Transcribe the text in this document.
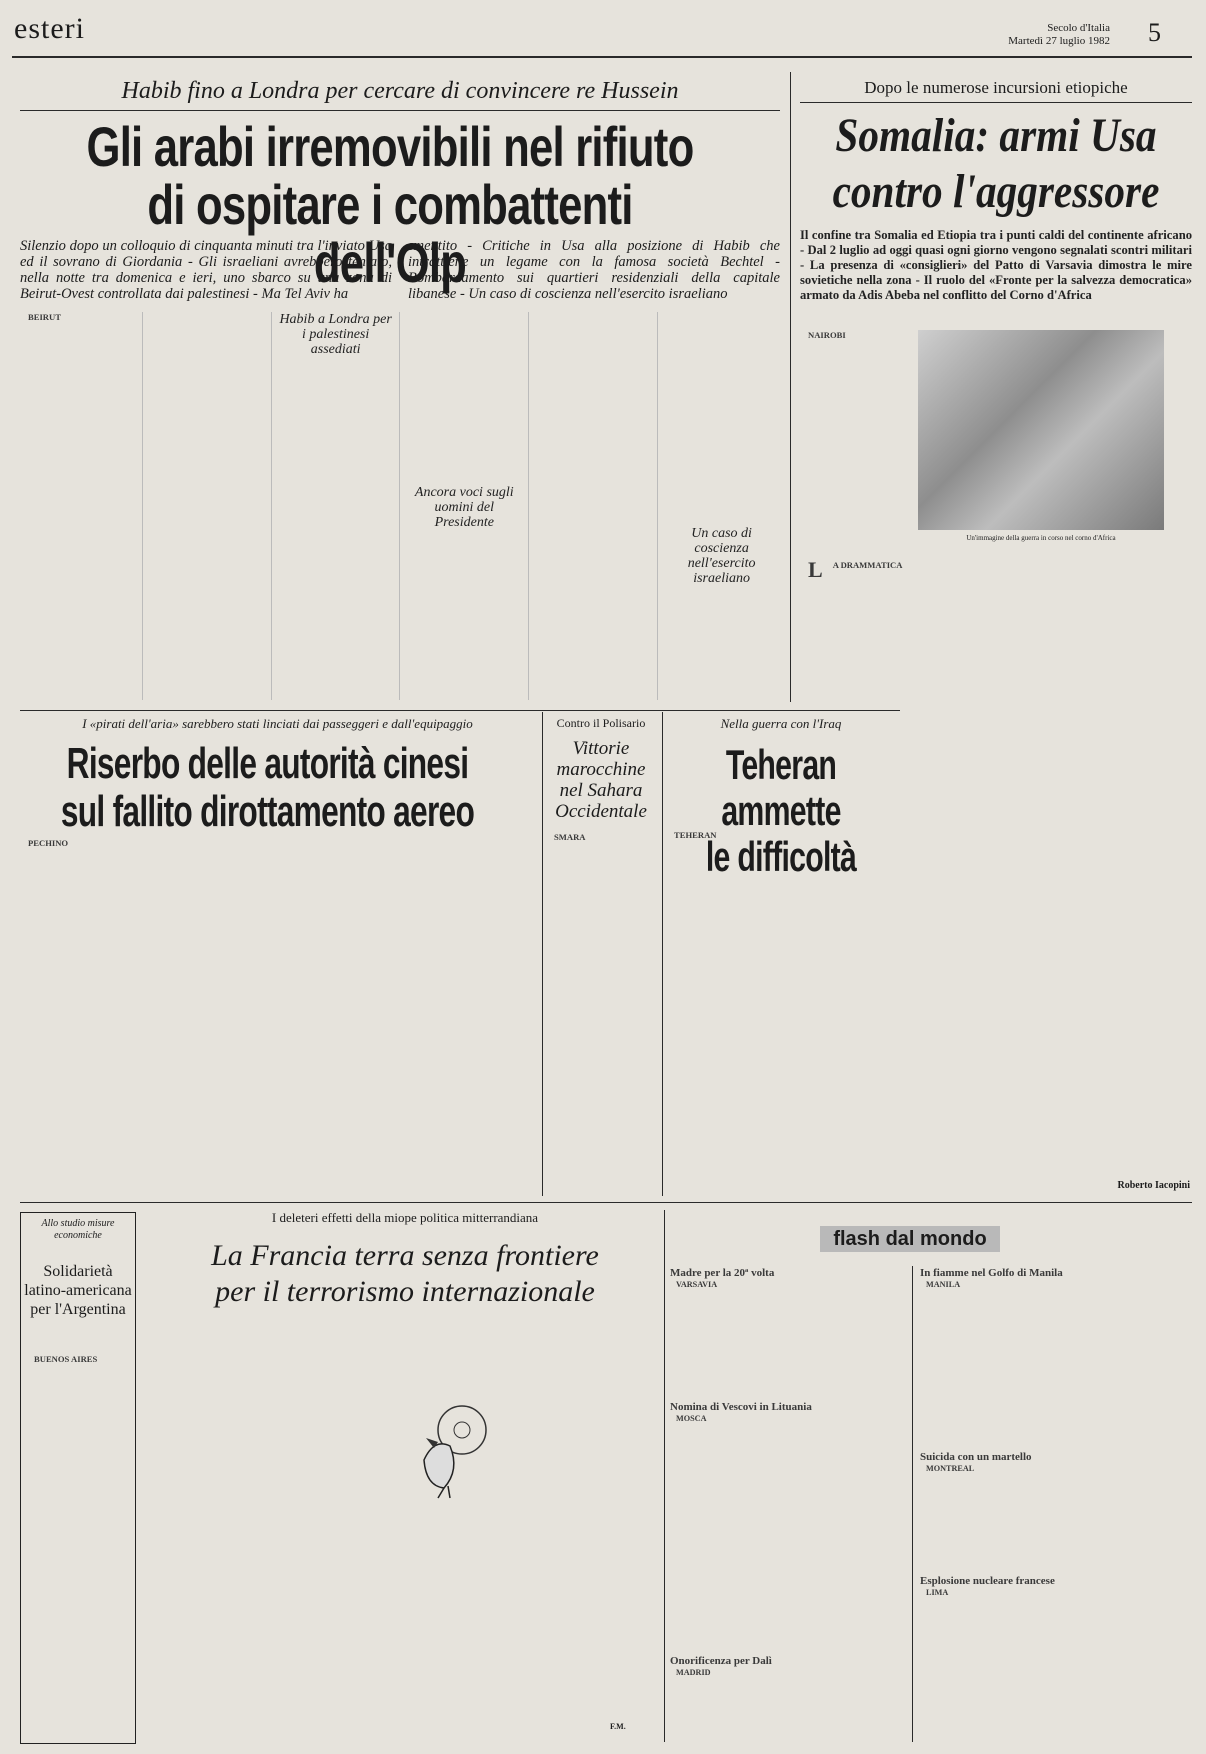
esteri	Secolo d'Italia
Martedì 27 luglio 1982 5
Habib fino a Londra per cercare di convincere re Hussein
Gli arabi irremovibili nel rifiuto
di ospitare i combattenti dell'Olp
Silenzio dopo un colloquio di cinquanta minuti tra l'inviato Usa ed il sovrano di Giordania - Gli israeliani avrebbero tentato, nella notte tra domenica e ieri, uno sbarco su una zona di Beirut-Ovest controllata dai palestinesi - Ma Tel Aviv ha
smentito - Critiche in Usa alla posizione di Habib che intrattiene un legame con la famosa società Bechtel - Bombardamento sui quartieri residenziali della capitale libanese - Un caso di coscienza nell'esercito israeliano

BEIRUT

	Habib a Londra per i palestinesi assediati

Ancora voci sugli uomini del Presidente

Un caso di coscienza nell'esercito israeliano
Dopo le numerose incursioni etiopiche
Somalia: armi Usa
contro l'aggressore
Il confine tra Somalia ed Etiopia tra i punti caldi del continente africano - Dal 2 luglio ad oggi quasi ogni giorno vengono segnalati scontri militari - La presenza di «consiglieri» del Patto di Varsavia dimostra le mire sovietiche nella zona - Il ruolo del «Fronte per la salvezza democratica» armato da Adis Abeba nel conflitto del Corno d'Africa

NAIROBI

Un'immagine della guerra in corso nel corno d'Africa

L A DRAMMATICA

Roberto Iacopini
I «pirati dell'aria» sarebbero stati linciati dai passeggeri e dall'equipaggio
Riserbo delle autorità cinesi
sul fallito dirottamento aereo

PECHINO

Contro il Polisario
Vittorie marocchine nel Sahara Occidentale

SMARA

Nella guerra con l'Iraq
Teheran ammette
le difficoltà

TEHERAN

Allo studio misure economiche
Solidarietà latino-americana per l'Argentina

BUENOS AIRES

I deleteri effetti della miope politica mitterrandiana
La Francia terra senza frontiere
per il terrorismo internazionale
F.M.
flash dal mondo
Madre per la 20ª volta

VARSAVIA

Nomina di Vescovi in Lituania

MOSCA

Onorificenza per Dalì

MADRID

In fiamme nel Golfo di Manila

MANILA

Suicida con un martello

MONTREAL

Esplosione nucleare francese

LIMA
